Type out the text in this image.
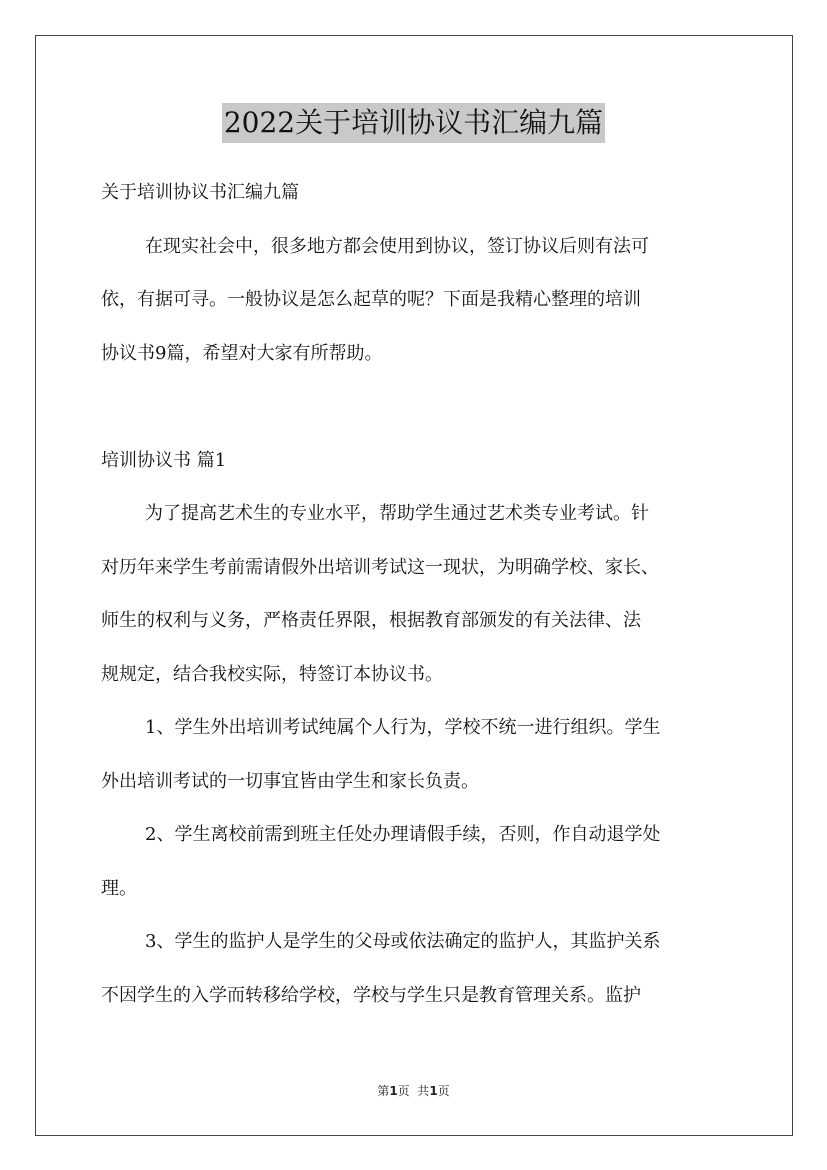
2022关于培训协议书汇编九篇
关于培训协议书汇编九篇
在现实社会中，很多地方都会使用到协议，签订协议后则有法可
依，有据可寻。一般协议是怎么起草的呢？下面是我精心整理的培训
协议书9篇，希望对大家有所帮助。
培训协议书 篇1
为了提高艺术生的专业水平，帮助学生通过艺术类专业考试。针
对历年来学生考前需请假外出培训考试这一现状，为明确学校、家长、
师生的权利与义务，严格责任界限，根据教育部颁发的有关法律、法
规规定，结合我校实际，特签订本协议书。
1、学生外出培训考试纯属个人行为，学校不统一进行组织。学生
外出培训考试的一切事宜皆由学生和家长负责。
2、学生离校前需到班主任处办理请假手续，否则，作自动退学处
理。
3、学生的监护人是学生的父母或依法确定的监护人，其监护关系
不因学生的入学而转移给学校，学校与学生只是教育管理关系。监护
第1页  共1页
